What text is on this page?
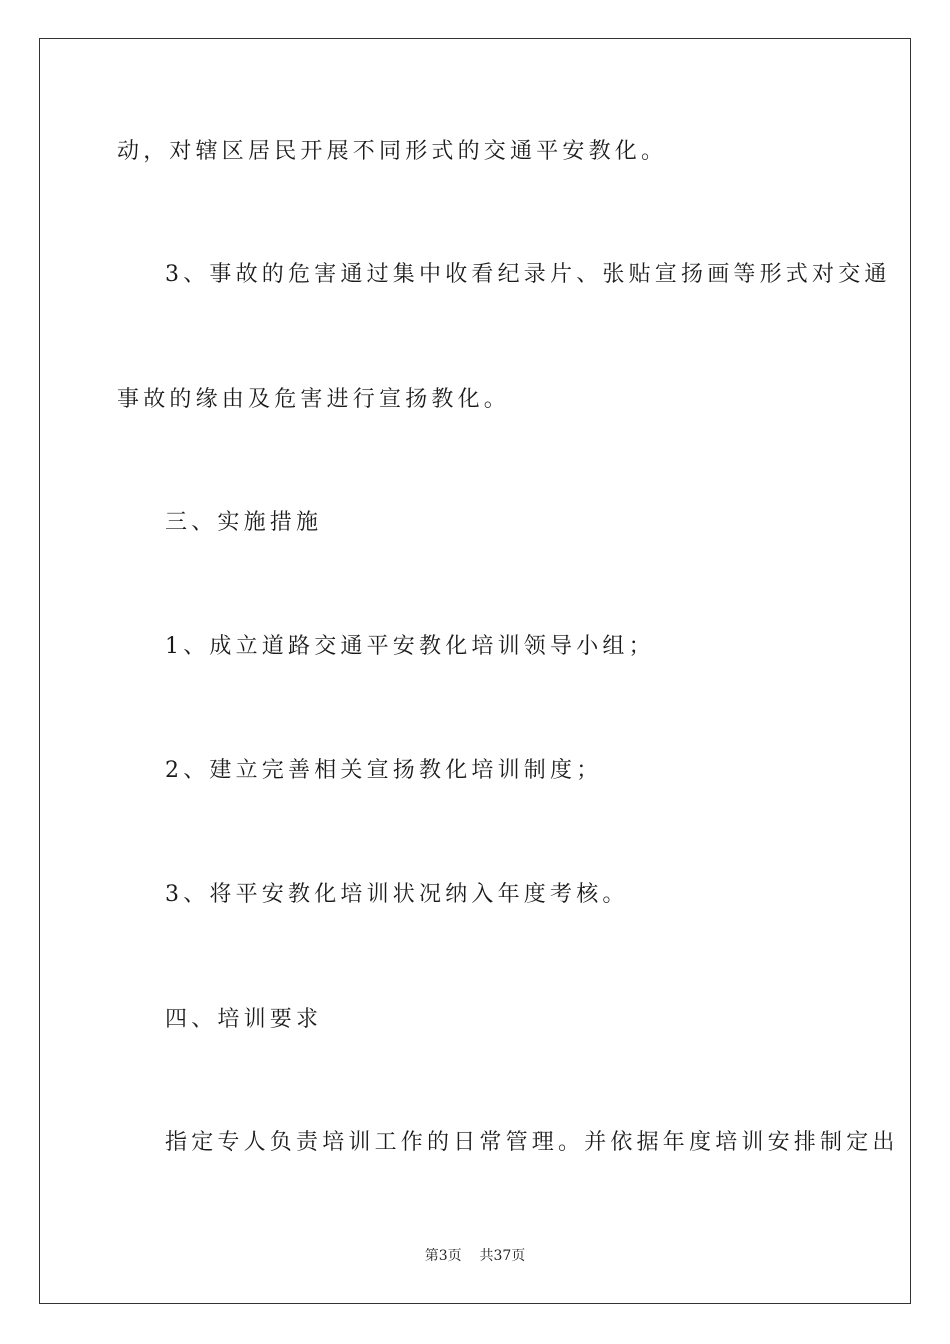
动，对辖区居民开展不同形式的交通平安教化。
3、事故的危害通过集中收看纪录片、张贴宣扬画等形式对交通
事故的缘由及危害进行宣扬教化。
三、实施措施
1、成立道路交通平安教化培训领导小组；
2、建立完善相关宣扬教化培训制度；
3、将平安教化培训状况纳入年度考核。
四、培训要求
指定专人负责培训工作的日常管理。并依据年度培训安排制定出
第3页    共37页
